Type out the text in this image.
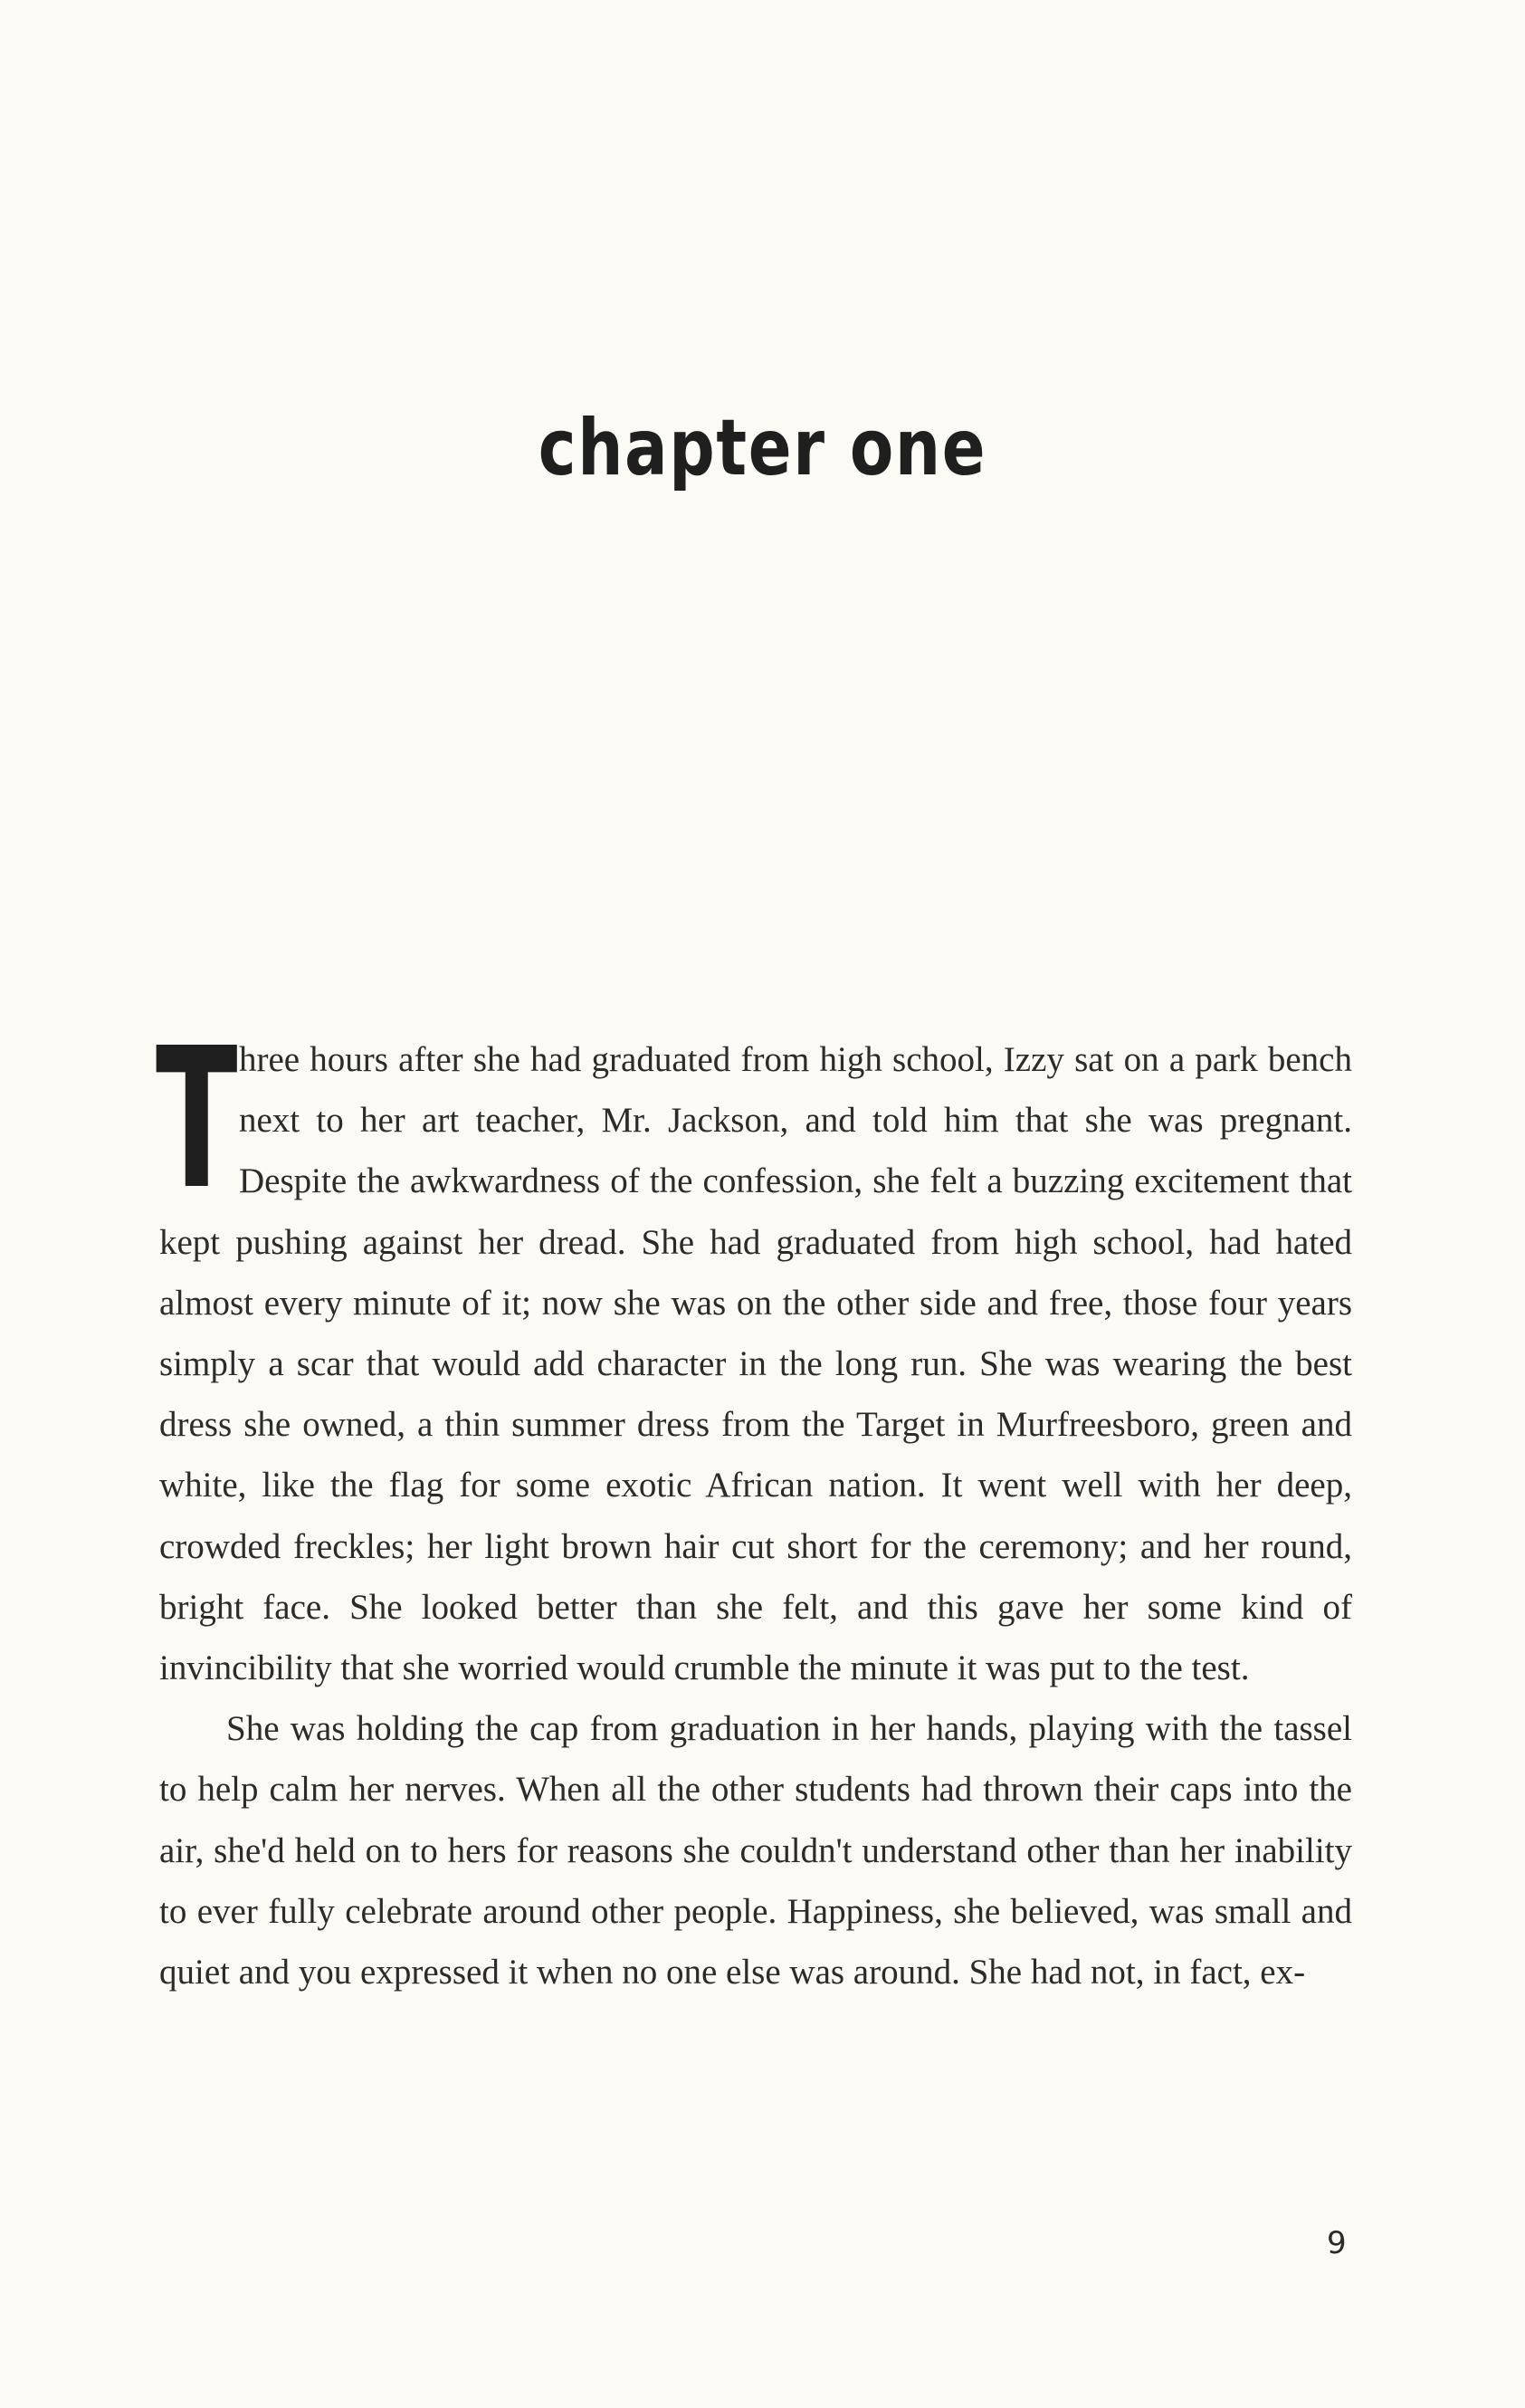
chapter one

Three hours after she had graduated from high school, Izzy sat on a park bench next to her art teacher, Mr. Jackson, and told him that she was pregnant. Despite the awkwardness of the confession, she felt a buzzing excitement that kept pushing against her dread. She had graduated from high school, had hated almost every minute of it; now she was on the other side and free, those four years simply a scar that would add character in the long run. She was wearing the best dress she owned, a thin summer dress from the Target in Murfreesboro, green and white, like the flag for some exotic African nation. It went well with her deep, crowded freckles; her light brown hair cut short for the ceremony; and her round, bright face. She looked better than she felt, and this gave her some kind of invincibility that she worried would crumble the minute it was put to the test.

She was holding the cap from graduation in her hands, playing with the tassel to help calm her nerves. When all the other students had thrown their caps into the air, she'd held on to hers for reasons she couldn't understand other than her inability to ever fully celebrate around other people. Happiness, she believed, was small and quiet and you expressed it when no one else was around. She had not, in fact, ex-

9
